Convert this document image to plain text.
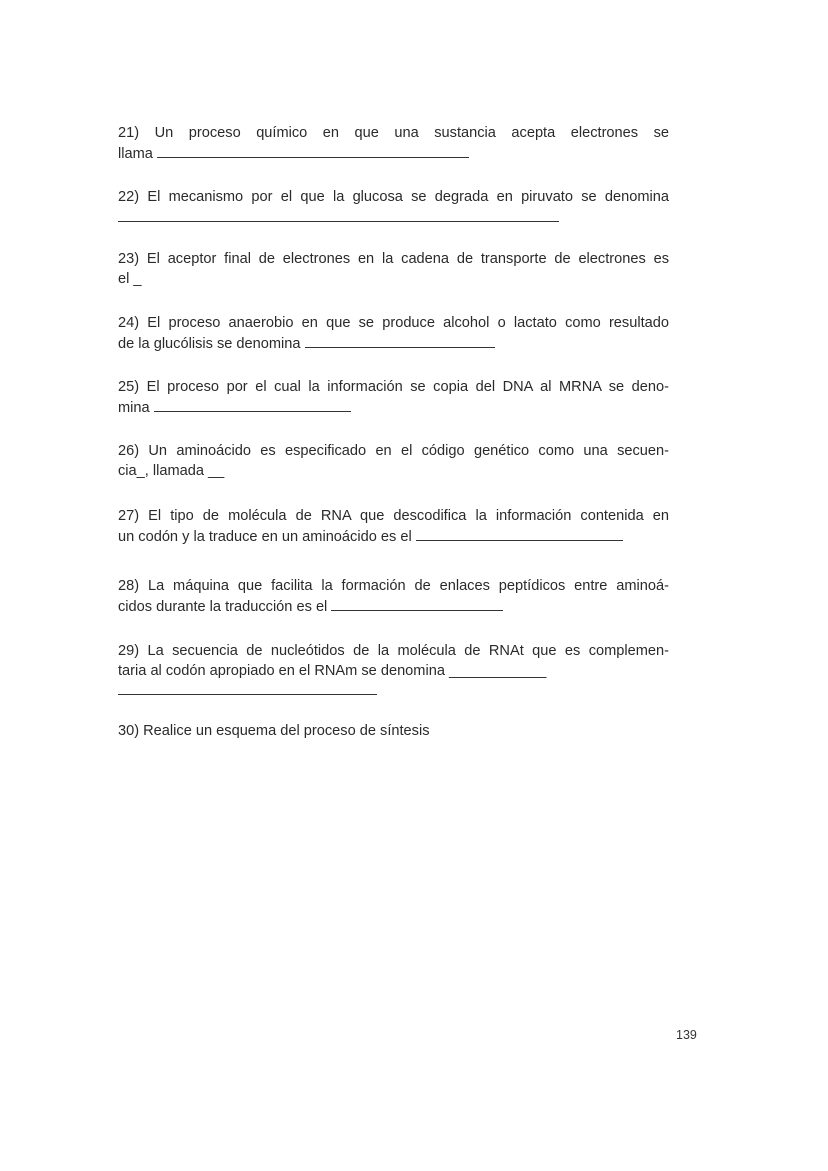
21) Un proceso químico en que una sustancia acepta electrones se
llama
22) El mecanismo por el que la glucosa se degrada en piruvato se denomina
23) El aceptor final de electrones en la cadena de transporte de electrones es
el _
24) El proceso anaerobio en que se produce alcohol o lactato como resultado
de la glucólisis se denomina
25) El proceso por el cual la información se copia del DNA al MRNA se deno-
mina
26) Un aminoácido es especificado en el código genético como una secuen-
cia_, llamada __
27) El tipo de molécula de RNA que descodifica la información contenida en
un codón y la traduce en un aminoácido es el
28) La máquina que facilita la formación de enlaces peptídicos entre aminoá-
cidos durante la traducción es el
29) La secuencia de nucleótidos de la molécula de RNAt que es complemen-
taria al codón apropiado en el RNAm se denomina ____________
30) Realice un esquema del proceso de síntesis
139
